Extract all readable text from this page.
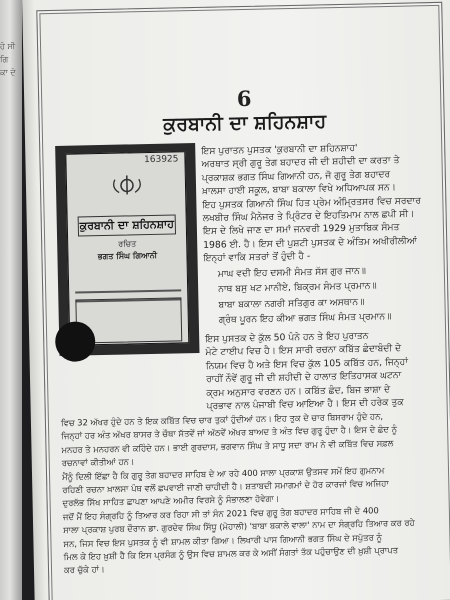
ਹੋ ਸੀ ਗਿ ਕਾ ਦੇ
6
ਕੁਰਬਾਨੀ ਦਾ ਸ਼ਹਿਨਸ਼ਾਹ
163925
ਕੁਰਬਾਨੀ ਦਾ ਸ਼ਹਿਨਸ਼ਾਹ
ਰਚਿਤ
ਭਗਤ ਸਿੰਘ ਗਿਆਨੀ
ਇਸ ਪੁਰਾਤਨ ਪੁਸਤਕ 'ਕੁਰਬਾਨੀ ਦਾ ਸ਼ਹਿਨਸ਼ਾਹ'
ਅਰਥਾਤ ਸ੍ਰੀ ਗੁਰੂ ਤੇਗ ਬਹਾਦਰ ਜੀ ਦੀ ਸ਼ਹੀਦੀ ਦਾ ਕਰਤਾ ਤੇ
ਪ੍ਰਕਾਸ਼ਕ ਭਗਤ ਸਿੰਘ ਗਿਆਨੀ ਹਨ, ਜੋ ਗੁਰੂ ਤੇਗ ਬਹਾਦਰ
ਖ਼ਾਲਸਾ ਹਾਈ ਸਕੂਲ, ਬਾਬਾ ਬਕਾਲਾ ਵਿਖੇ ਅਧਿਆਪਕ ਸਨ।
ਇਹ ਪੁਸਤਕ ਗਿਆਨੀ ਸਿੰਘ ਹਿਤ ਪ੍ਰੇਮ ਅੰਮ੍ਰਿਤਸਰ ਵਿਚ ਸਰਦਾਰ
ਲਖਬੀਰ ਸਿੰਘ ਮੈਨੇਜਰ ਤੇ ਪ੍ਰਿੰਟਰ ਦੇ ਇਹਤਿਮਾਮ ਨਾਲ ਛਪੀ ਸੀ।
ਇਸ ਦੇ ਲਿਖੇ ਜਾਣ ਦਾ ਸਮਾਂ ਜਨਵਰੀ 1929 ਮੁਤਾਬਿਕ ਸੰਮਤ
1986 ਈ. ਹੈ। ਇਸ ਦੀ ਪੁਸ਼ਟੀ ਪੁਸਤਕ ਦੇ ਅੰਤਿਮ ਅਖੀਰੀਲੀਆਂ
ਇਨ੍ਹਾਂ ਵਾਕਿ ਸਤਰਾਂ ਤੋਂ ਹੁੰਦੀ ਹੈ -
ਮਾਘ ਵਦੀ ਇਹ ਦਸਮੀ ਸੰਮਤ ਸੱਸ ਗੁਰ ਜਾਨ॥
ਨਾਥ ਬਸੁ ਖਟ ਮਾਨੀਏ, ਬਿਕ੍ਰਮ ਸੰਮਤ ਪ੍ਰਮਾਨ॥
ਬਾਬਾ ਬਕਾਲਾ ਨਗਰੀ ਸਤਿਗੁਰ ਕਾ ਅਸਥਾਨ॥
ਗ੍ਰੰਥ ਪੂਰਨ ਇਹ ਕੀਆ ਭਗਤ ਸਿੰਘ ਸੰਮਤ ਪ੍ਰਮਾਨ॥
ਇਸ ਪੁਸਤਕ ਦੇ ਕੁੱਲ 50 ਪੰਨੇ ਹਨ ਤੇ ਇਹ ਪੁਰਾਤਨ
ਮੋਟੇ ਟਾਈਪ ਵਿਚ ਹੈ। ਇਸ ਸਾਰੀ ਰਚਨਾ ਕਬਿੱਤ ਛੰਦਾਬੰਦੀ ਦੇ
ਨਿਯਮ ਵਿਚ ਹੈ ਅਤੇ ਇਸ ਵਿਚ ਕੁੱਲ 105 ਕਬਿੱਤ ਹਨ, ਜਿਨ੍ਹਾਂ
ਰਾਹੀਂ ਨੌਵੇਂ ਗੁਰੂ ਜੀ ਦੀ ਸ਼ਹੀਦੀ ਦੇ ਹਾਲਾਤ ਇਤਿਹਾਸਕ ਘਟਨਾ
ਕ੍ਰਮ ਅਨੁਸਾਰ ਵਰਣਨ ਹਨ। ਕਬਿੱਤ ਛੰਦ, ਬਿਜ ਭਾਸ਼ਾ ਦੇ
ਪ੍ਰਭਾਵ ਨਾਲ ਪੰਜਾਬੀ ਵਿਚ ਆਇਆ ਹੈ। ਇਸ ਦੀ ਹਰੇਕ ਤੁਕ
ਵਿਚ 32 ਅੱਖਰ ਹੁੰਦੇ ਹਨ ਤੇ ਇਕ ਕਬਿੱਤ ਵਿਚ ਚਾਰ ਤੁਕਾਂ ਹੁੰਦੀਆਂ ਹਨ। ਇਹ ਤੁਕ ਦੇ ਚਾਰ ਬਿਸਰਾਮ ਹੁੰਦੇ ਹਨ,
ਜਿਨ੍ਹਾਂ ਹਰ ਅੰਤ ਅੱਖਰ ਬਾਸਰ ਤੇ ਚੌਥਾ ਸੱਤਵੇਂ ਜਾਂ ਅੱਠਵੇਂ ਅੱਖਰ ਬਾਅਦ ਤੇ ਅੰਤ ਵਿਚ ਗੁਰੂ ਹੁੰਦਾ ਹੈ। ਇਸ ਦੇ ਛੰਦ ਨੂੰ
ਮਨਹਰ ਤੇ ਮਨਹਰਨ ਵੀ ਕਹਿੰਦੇ ਹਨ। ਭਾਈ ਗੁਰਦਾਸ, ਭਗਵਾਨ ਸਿੰਘ ਤੇ ਸਾਧੂ ਸਦਾ ਰਾਮ ਨੇ ਵੀ ਕਬਿੱਤ ਵਿਚ ਸਫ਼ਲ
ਰਚਨਾਵਾਂ ਕੀਤੀਆਂ ਹਨ।
ਮੈਂਨੂੰ ਦਿਲੀ ਇੱਛਾ ਹੈ ਕਿ ਗੁਰੂ ਤੇਗ ਬਹਾਦਰ ਸਾਹਿਬ ਦੇ ਆ ਰਹੇ 400 ਸਾਲਾ ਪ੍ਰਕਾਸ਼ ਉਤਸਵ ਸਮੇਂ ਇਹ ਗੁਮਨਾਮ
ਰਹਿਣੀ ਰਚਨਾ ਖ਼ਾਲਸਾ ਪੰਥ ਵਲੋਂ ਛਪਵਾਈ ਜਾਣੀ ਚਾਹੀਦੀ ਹੈ। ਸ਼ਤਾਬਦੀ ਸਮਾਗਮਾਂ ਦੇ ਹੋਰ ਕਾਰਜਾਂ ਵਿਚ ਅਜਿਹਾ
ਦੁਰਲੱਭ ਸਿੱਖ ਸਾਹਿਤ ਛਾਪਣਾ ਆਪਣੇ ਅਮੀਰ ਵਿਰਸੇ ਨੂੰ ਸੰਭਾਲਣਾ ਹੋਵੇਗਾ।
ਜਦੋਂ ਮੈਂ ਇਹ ਸੰਗ੍ਰਹਿ ਨੂੰ ਤਿਆਰ ਕਰ ਰਿਹਾ ਸੀ ਤਾਂ ਸੰਨ 2021 ਵਿਚ ਗੁਰੂ ਤੇਗ ਬਹਾਦਰ ਸਾਹਿਬ ਜੀ ਦੇ 400
ਸਾਲਾ ਪ੍ਰਕਾਸ਼ ਪੁਰਬ ਦੌਰਾਨ ਡਾ. ਗੁਰਦੇਵ ਸਿੰਘ ਸਿੱਧੂ (ਮੋਹਾਲੀ) 'ਬਾਬਾ ਬਕਾਲੇ ਵਾਲਾ' ਨਾਮ ਦਾ ਸੰਗ੍ਰਹਿ ਤਿਆਰ ਕਰ ਰਹੇ
ਸਨ, ਜਿਸ ਵਿਚ ਇਸ ਪੁਸਤਕ ਨੂੰ ਵੀ ਸ਼ਾਮਲ ਕੀਤਾ ਗਿਆ। ਲਿਖਾਰੀ ਪਾਸ ਗਿਆਨੀ ਭਗਤ ਸਿੰਘ ਦੇ ਸਪੁੱਤਰ ਨੂੰ
ਮਿਲ ਕੇ ਇਹ ਖ਼ੁਸ਼ੀ ਹੈ ਕਿ ਇਸ ਪ੍ਰਸੰਗ ਨੂੰ ਉਸ ਵਿਚ ਸ਼ਾਮਲ ਕਰ ਕੇ ਅਸੀਂ ਸੰਗਤਾਂ ਤੱਕ ਪਹੁੰਚਾਉਣ ਦੀ ਖ਼ੁਸ਼ੀ ਪ੍ਰਾਪਤ
ਕਰ ਚੁੱਕੇ ਹਾਂ।
